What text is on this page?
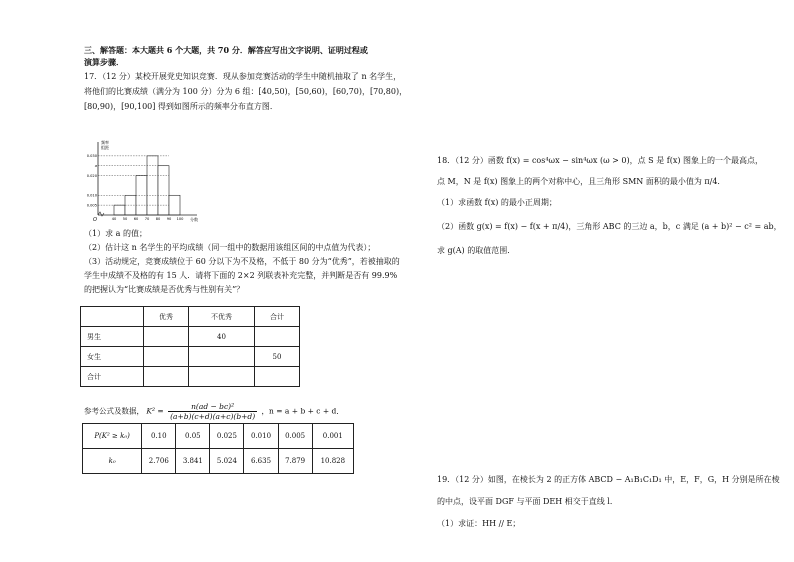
三、解答题：本大题共 6 个大题，共 70 分．解答应写出文字说明、证明过程或

演算步骤．

17．（12 分）某校开展党史知识竞赛．现从参加竞赛活动的学生中随机抽取了 n 名学生，

将他们的比赛成绩（满分为 100 分）分为 6 组：[40,50)，[50,60)，[60,70)，[70,80)，

[80,90)，[90,100] 得到如图所示的频率分布直方图．

频率
组距
分数
O
0.030
a
0.020
0.010
0.005
40 50 60 70 80 90 100

（1）求 a 的值；

（2）估计这 n 名学生的平均成绩（同一组中的数据用该组区间的中点值为代表）；

（3）活动规定，竞赛成绩位于 60 分以下为不及格，不低于 80 分为“优秀”，若被抽取的

学生中成绩不及格的有 15 人．请将下面的 2×2 列联表补充完整，并判断是否有 99.9%

的把握认为“比赛成绩是否优秀与性别有关”？

	优秀	不优秀	合计
男生		40	
女生			50
合计			
参考公式及数据， $K^2 = \frac{\text{n(ad − bc)²}}{(a+b)(c+d)(a+c)(b+d)}$ ，n = a + b + c + d．
P(K² ≥ k₀)	0.10	0.05	0.025	0.010	0.005	0.001
k₀	2.706	3.841	5.024	6.635	7.879	10.828

18．（12 分）函数 f(x) = cos⁴ωx − sin⁴ωx (ω > 0)，点 S 是 f(x) 图象上的一个最高点，

点 M，N 是 f(x) 图象上的两个对称中心，且三角形 SMN 面积的最小值为 π/4．

（1）求函数 f(x) 的最小正周期；

（2）函数 g(x) = f(x) − f(x + π/4)，三角形 ABC 的三边 a，b，c 满足 (a + b)² − c² = ab，

求 g(A) 的取值范围．

19．（12 分）如图，在棱长为 2 的正方体 ABCD − A₁B₁C₁D₁ 中，E，F，G，H 分别是所在棱

的中点，设平面 DGF 与平面 DEH 相交于直线 l．

（1）求证：HH // E；
